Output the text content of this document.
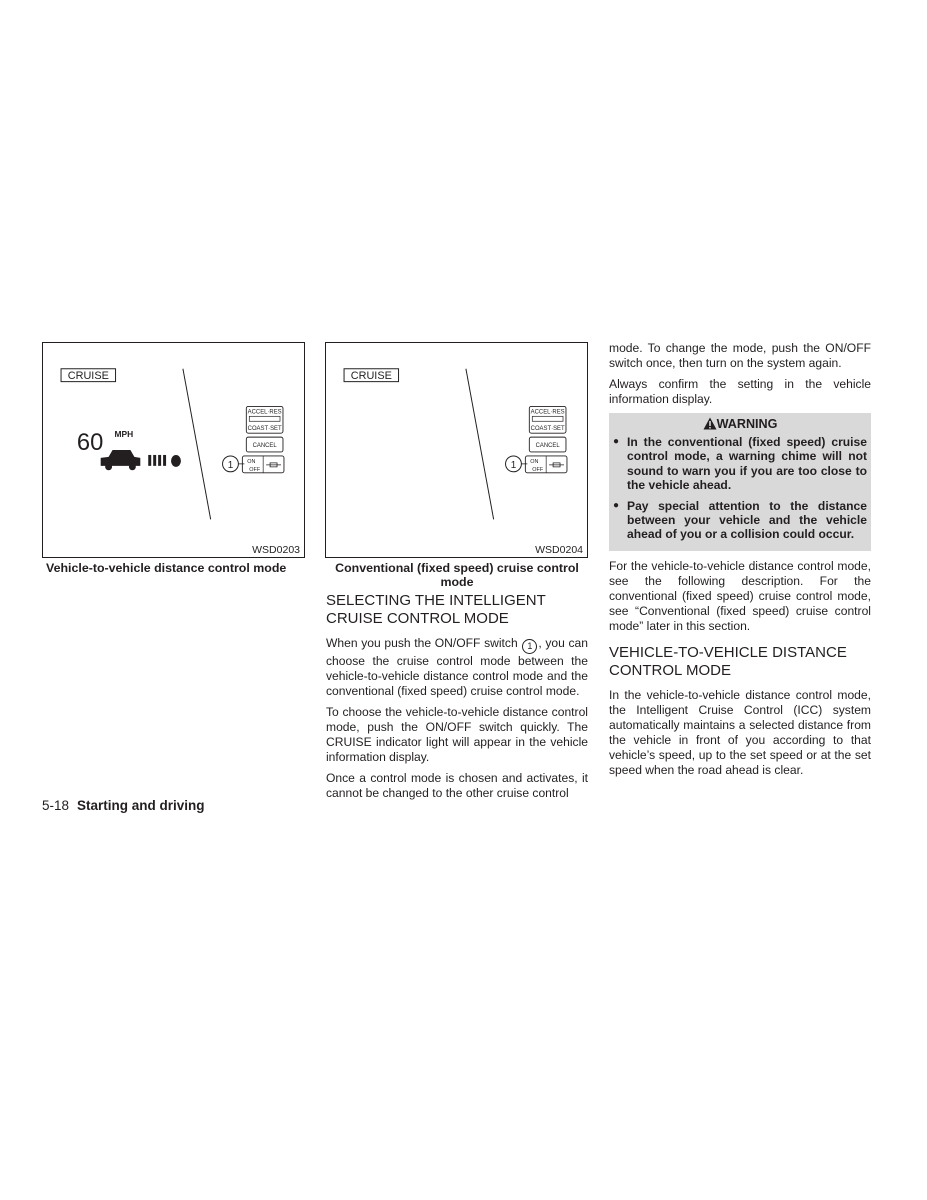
CRUISE
60 MPH
ACCEL·RES
COAST·SET
CANCEL
ON
OFF
1
WSD0203
Vehicle-to-vehicle distance control mode
CRUISE
ACCEL·RES
COAST·SET
CANCEL
ON
OFF
1
WSD0204
Conventional (fixed speed) cruise control mode
SELECTING THE INTELLIGENT CRUISE CONTROL MODE

When you push the ON/OFF switch 1 , you can choose the cruise control mode between the vehicle-to-vehicle distance control mode and the conventional (fixed speed) cruise control mode.

To choose the vehicle-to-vehicle distance control mode, push the ON/OFF switch quickly. The CRUISE indicator light will appear in the vehicle information display.

Once a control mode is chosen and activates, it cannot be changed to the other cruise control

mode. To change the mode, push the ON/OFF switch once, then turn on the system again.

Always confirm the setting in the vehicle information display.

WARNING
● In the conventional (fixed speed) cruise control mode, a warning chime will not sound to warn you if you are too close to the vehicle ahead.
● Pay special attention to the distance between your vehicle and the vehicle ahead of you or a collision could occur.

For the vehicle-to-vehicle distance control mode, see the following description. For the conventional (fixed speed) cruise control mode, see “Conventional (fixed speed) cruise control mode” later in this section.

VEHICLE-TO-VEHICLE DISTANCE CONTROL MODE

In the vehicle-to-vehicle distance control mode, the Intelligent Cruise Control (ICC) system automatically maintains a selected distance from the vehicle in front of you according to that vehicle’s speed, up to the set speed or at the set speed when the road ahead is clear.

5-18 Starting and driving
